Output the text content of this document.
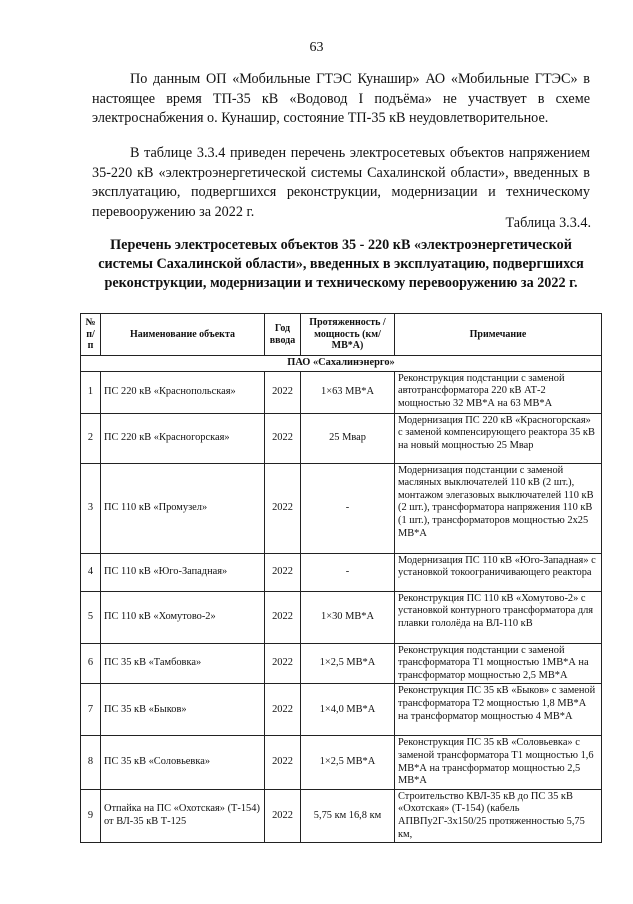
63

По данным ОП «Мобильные ГТЭС Кунашир» АО «Мобильные ГТЭС» в настоящее время ТП-35 кВ «Водовод I подъёма» не участвует в схеме электроснабжения о. Кунашир, состояние ТП-35 кВ неудовлетворительное.

В таблице 3.3.4 приведен перечень электросетевых объектов напряжением 35-220 кВ «электроэнергетической системы Сахалинской области», введенных в эксплуатацию, подвергшихся реконструкции, модернизации и техническому перевооружению за 2022 г.

Таблица 3.3.4.

Перечень электросетевых объектов 35 - 220 кВ «электроэнергетической системы Сахалинской области», введенных в эксплуатацию, подвергшихся реконструкции, модернизации и техническому перевооружению за 2022 г.

№ п/п	Наименование объекта	Год ввода	Протяженность / мощность (км/МВ*А)	Примечание
ПАО «Сахалинэнерго»				
1	ПС 220 кВ «Краснопольская»	2022	1×63 МВ*А	Реконструкция подстанции с заменой автотрансформатора 220 кВ АТ-2 мощностью 32 МВ*А на 63 МВ*А
2	ПС 220 кВ «Красногорская»	2022	25 Мвар	Модернизация ПС 220 кВ «Красногорская» с заменой компенсирующего реактора 35 кВ на новый мощностью 25 Мвар
3	ПС 110 кВ «Промузел»	2022	-	Модернизация подстанции с заменой масляных выключателей 110 кВ (2 шт.), монтажом элегазовых выключателей 110 кВ (2 шт.), трансформатора напряжения 110 кВ (1 шт.), трансформаторов мощностью 2х25 МВ*А
4	ПС 110 кВ «Юго-Западная»	2022	-	Модернизация ПС 110 кВ «Юго-Западная» с установкой токоограничивающего реактора
5	ПС 110 кВ «Хомутово-2»	2022	1×30 МВ*А	Реконструкция ПС 110 кВ «Хомутово-2» с установкой контурного трансформатора для плавки гололёда на ВЛ-110 кВ
6	ПС 35 кВ «Тамбовка»	2022	1×2,5 МВ*А	Реконструкция подстанции с заменой трансформатора Т1 мощностью 1МВ*А на трансформатор мощностью 2,5 МВ*А
7	ПС 35 кВ «Быков»	2022	1×4,0 МВ*А	Реконструкция ПС 35 кВ «Быков» с заменой трансформатора Т2 мощностью 1,8 МВ*А на трансформатор мощностью 4 МВ*А
8	ПС 35 кВ «Соловьевка»	2022	1×2,5 МВ*А	Реконструкция ПС 35 кВ «Соловьевка» с заменой трансформатора Т1 мощностью 1,6 МВ*А на трансформатор мощностью 2,5 МВ*А
9	Отпайка на ПС «Охотская» (Т-154) от ВЛ-35 кВ Т-125	2022	5,75 км 16,8 км	Строительство КВЛ-35 кВ до ПС 35 кВ «Охотская» (Т-154) (кабель АПВПу2Г-3х150/25 протяженностью 5,75 км,
